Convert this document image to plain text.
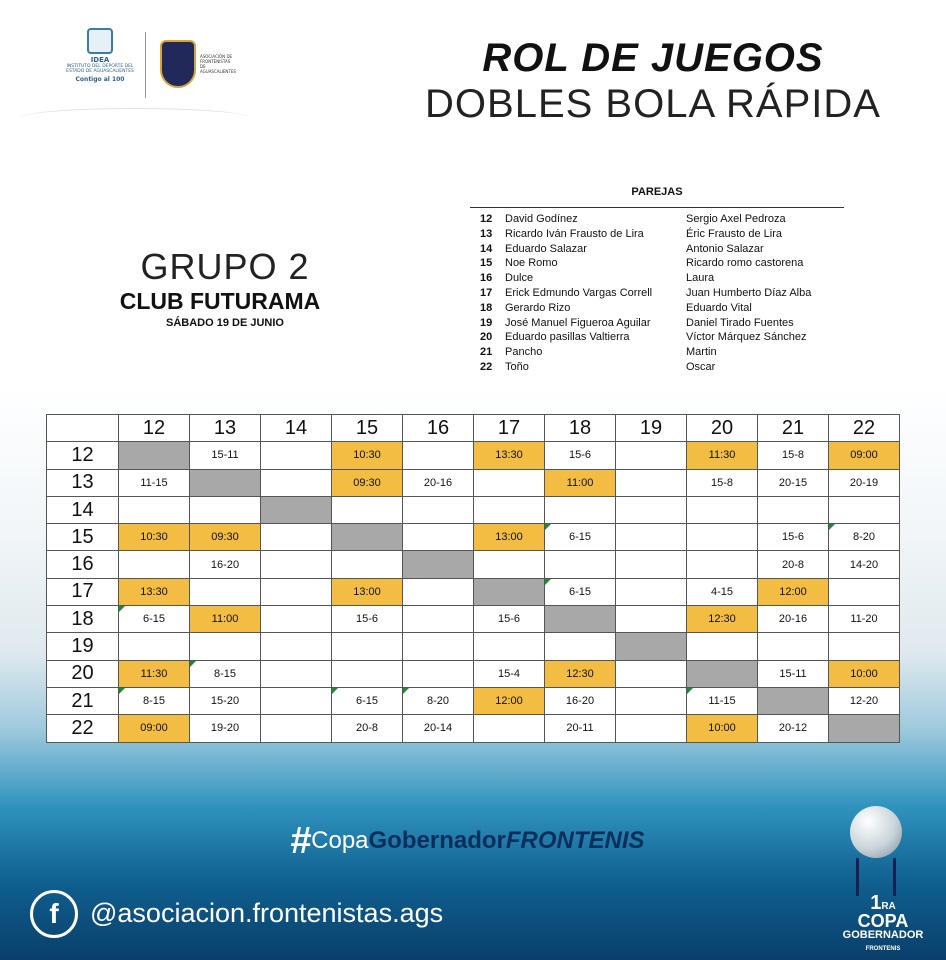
IDEA
INSTITUTO DEL DEPORTE DEL ESTADO DE AGUASCALIENTES
Contigo al 100
ASOCIACIÓN DE FRONTENISTAS DE AGUASCALIENTES	ROL DE JUEGOS
DOBLES BOLA RÁPIDA
GRUPO 2
CLUB FUTURAMA
SÁBADO 19 DE JUNIO
PAREJAS
12	David Godínez	Sergio Axel Pedroza
13	Ricardo Iván Frausto de Lira	Éric Frausto de Lira
14	Eduardo Salazar	Antonio Salazar
15	Noe Romo	Ricardo romo castorena
16	Dulce	Laura
17	Erick Edmundo Vargas Correll	Juan Humberto Díaz Alba
18	Gerardo Rizo	Eduardo Vital
19	José Manuel Figueroa Aguilar	Daniel Tirado Fuentes
20	Eduardo pasillas Valtierra	Víctor Márquez Sánchez
21	Pancho	Martin
22	Toño	Oscar
	12	13	14	15	16	17	18	19	20	21	22
12		15-11		10:30		13:30	15-6		11:30	15-8	09:00
13	11-15			09:30	20-16		11:00		15-8	20-15	20-19
14											
15	10:30	09:30				13:00	6-15			15-6	8-20
16		16-20								20-8	14-20
17	13:30			13:00			6-15		4-15	12:00	
18	6-15	11:00		15-6		15-6			12:30	20-16	11-20
19											
20	11:30	8-15				15-4	12:30			15-11	10:00
21	8-15	15-20		6-15	8-20	12:00	16-20		11-15		12-20
22	09:00	19-20		20-8	20-14		20-11		10:00	20-12	
#CopaGobernadorFRONTENIS
f	@asociacion.frontenistas.ags	1RA
COPA
GOBERNADOR
FRONTENIS
